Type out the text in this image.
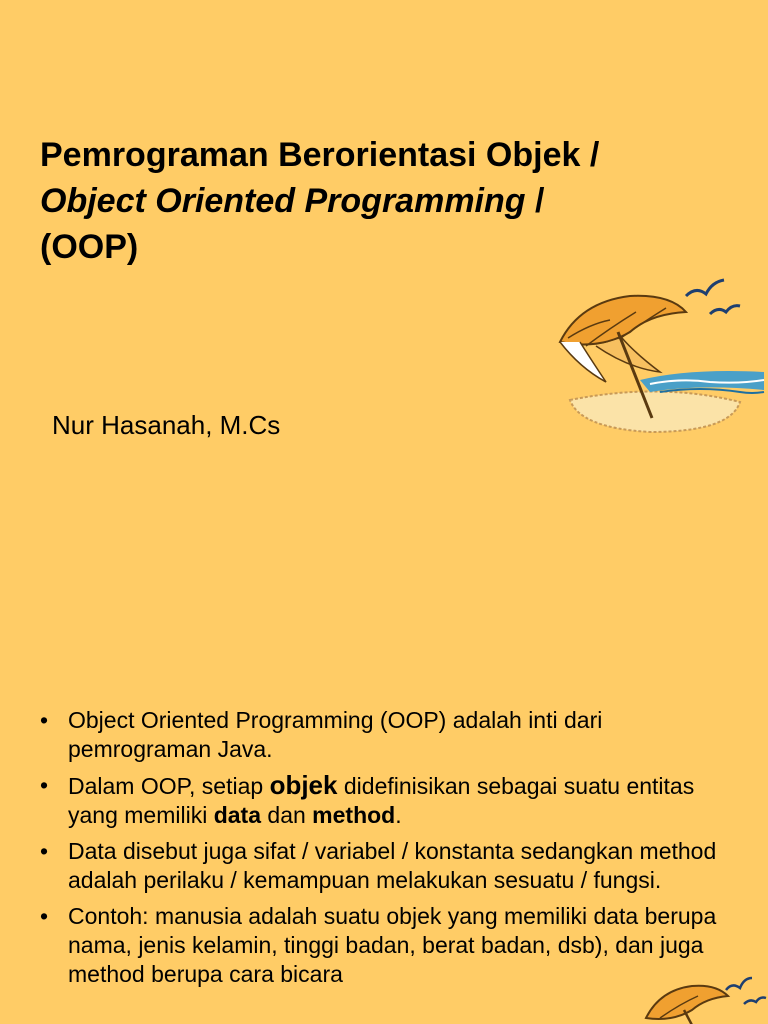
Pemrograman Berorientasi Objek /
Object Oriented Programming /
(OOP)
Nur Hasanah, M.Cs
• Object Oriented Programming (OOP) adalah inti dari pemrograman Java.
• Dalam OOP, setiap objek didefinisikan sebagai suatu entitas yang memiliki data dan method.
• Data disebut juga sifat / variabel / konstanta sedangkan method adalah perilaku / kemampuan melakukan sesuatu / fungsi.
• Contoh: manusia adalah suatu objek yang memiliki data berupa nama, jenis kelamin, tinggi badan, berat badan, dsb), dan juga method berupa cara bicara
